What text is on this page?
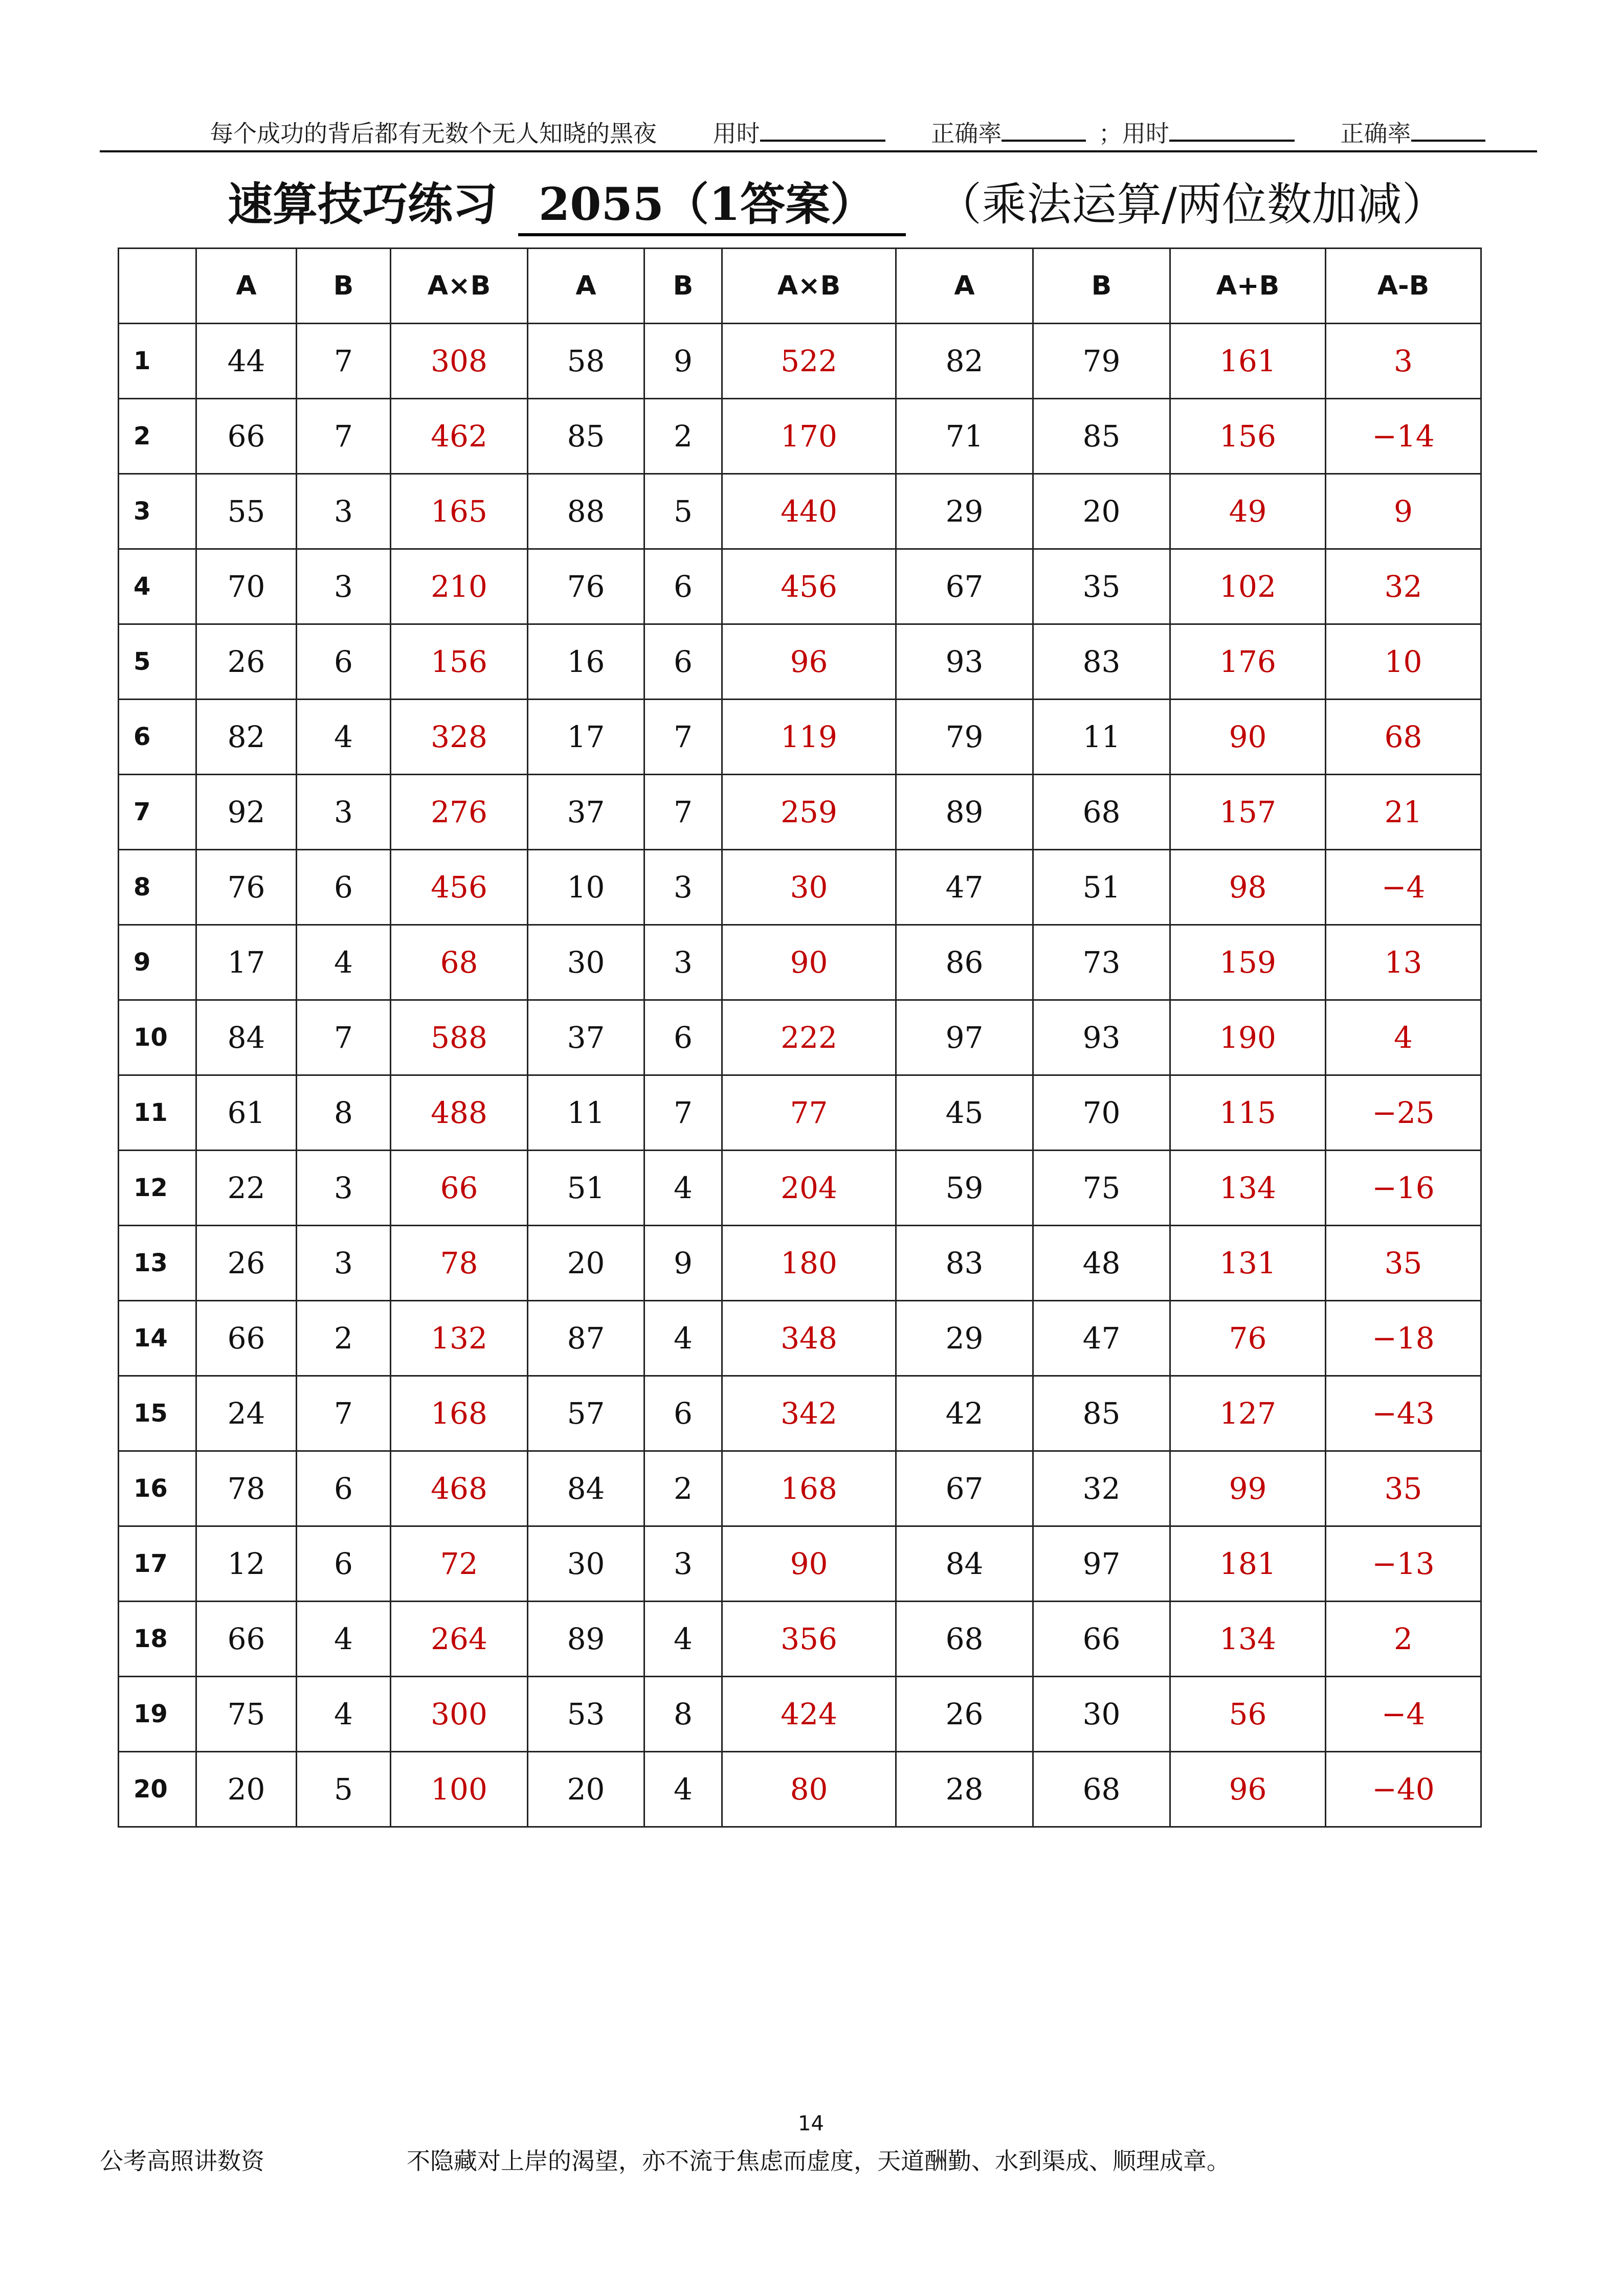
每个成功的背后都有无数个无人知晓的黑夜 用时	正确率	；用时	正确率
速算技巧练习 2055（1答案） （乘法运算/两位数加减）
	A	B	A×B	A	B	A×B	A	B	A+B	A-B
1	44	7	308	58	9	522	82	79	161	3
2	66	7	462	85	2	170	71	85	156	−14
3	55	3	165	88	5	440	29	20	49	9
4	70	3	210	76	6	456	67	35	102	32
5	26	6	156	16	6	96	93	83	176	10
6	82	4	328	17	7	119	79	11	90	68
7	92	3	276	37	7	259	89	68	157	21
8	76	6	456	10	3	30	47	51	98	−4
9	17	4	68	30	3	90	86	73	159	13
10	84	7	588	37	6	222	97	93	190	4
11	61	8	488	11	7	77	45	70	115	−25
12	22	3	66	51	4	204	59	75	134	−16
13	26	3	78	20	9	180	83	48	131	35
14	66	2	132	87	4	348	29	47	76	−18
15	24	7	168	57	6	342	42	85	127	−43
16	78	6	468	84	2	168	67	32	99	35
17	12	6	72	30	3	90	84	97	181	−13
18	66	4	264	89	4	356	68	66	134	2
19	75	4	300	53	8	424	26	30	56	−4
20	20	5	100	20	4	80	28	68	96	−40
14
公考高照讲数资	不隐藏对上岸的渴望，亦不流于焦虑而虚度，天道酬勤、水到渠成、顺理成章。
